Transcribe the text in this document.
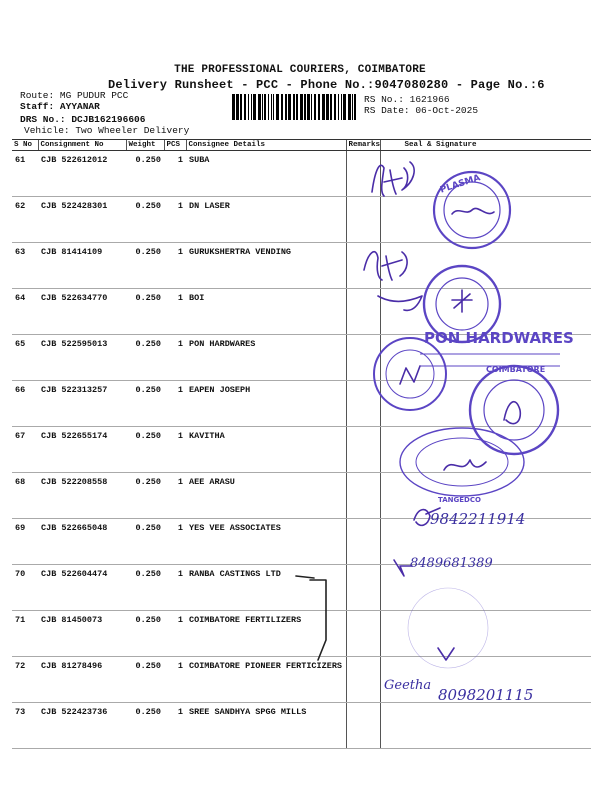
THE PROFESSIONAL COURIERS, COIMBATORE
Delivery Runsheet - PCC - Phone No.:9047080280 - Page No.:6
Route: MG PUDUR PCC
Staff: AYYANAR
DRS No.: DCJB162196606
Vehicle: Two Wheeler Delivery
RS No.: 1621966
RS Date: 06-Oct-2025
S No	Consignment No	Weight	PCS	Consignee Details	Remarks	Seal & Signature
61	CJB 522612012	0.250	1	SUBA		
62	CJB 522428301	0.250	1	DN LASER		
63	CJB 81414109	0.250	1	GURUKSHERTRA VENDING		
64	CJB 522634770	0.250	1	BOI		
65	CJB 522595013	0.250	1	PON HARDWARES		
66	CJB 522313257	0.250	1	EAPEN JOSEPH		
67	CJB 522655174	0.250	1	KAVITHA		
68	CJB 522208558	0.250	1	AEE ARASU		
69	CJB 522665048	0.250	1	YES VEE ASSOCIATES		
70	CJB 522604474	0.250	1	RANBA CASTINGS LTD		
71	CJB 81450073	0.250	1	COIMBATORE FERTILIZERS		
72	CJB 81278496	0.250	1	COIMBATORE PIONEER FERTICIZERS		
73	CJB 522423736	0.250	1	SREE SANDHYA SPGG MILLS		
PLASMA
PON HARDWARES
COIMBATORE
TANGEDCO
9842211914
8489681389
Geetha
8098201115
